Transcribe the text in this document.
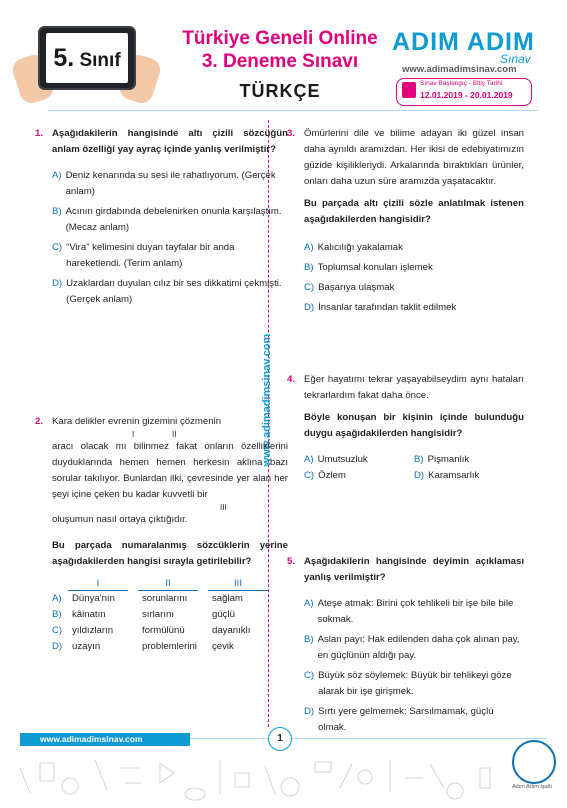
5. Sınıf
Türkiye Geneli Online
3. Deneme Sınavı
TÜRKÇE
ADIM ADIM
Sınav
www.adimadimsinav.com
Sınav Başlangıç - Bitiş Tarihi
12.01.2019 - 20.01.2019
www.adimadimsinav.com
1. Aşağıdakilerin hangisinde altı çizili sözcüğün anlam özelliği yay ayraç içinde yanlış verilmiştir?

A) Deniz kenarında su sesi ile rahatlıyorum. (Gerçek anlam)
B) Acının girdabında debelenirken onunla karşılaştım. (Mecaz anlam)
C) “Vira” kelimesini duyan tayfalar bir anda hareketlendi. (Terim anlam)
D) Uzaklardan duyulan cılız bir ses dikkatimi çekmişti. (Gerçek anlam)
2. Kara delikler evrenin gizemini çözmenin

I	II

aracı olacak mı bilinmez fakat onların özelliklerini duyduklarında hemen hemen herkesin aklına bazı sorular takılıyor. Bunlardan ilki, çevresinde yer alan her şeyi içine çeken bu kadar kuvvetli bir

III

oluşumun nasıl ortaya çıktığıdır.

Bu parçada numaralanmış sözcüklerin yerine aşağıdakilerden hangisi sırayla getirilebilir?

I	II	III
A)	Dünya'nın	sorunlarını	sağlam
B)	kâinatın	sırlarını	güçlü
C)	yıldızların	formülünü	dayanıklı
D)	uzayın	problemlerini	çevik
3. Ömürlerini dile ve bilime adayan iki güzel insan daha aynıldı aramızdan. Her ikisi de edebiyatımızın güzide kişilikleriydi. Arkalarında bıraktıkları ürünler, onları daha uzun süre aramızda yaşatacaktır.

Bu parçada altı çizili sözle anlatılmak istenen aşağıdakilerden hangisidir?

A) Kalıcılığı yakalamak
B) Toplumsal konuları işlemek
C) Başarıya ulaşmak
D) İnsanlar tarafından taklit edilmek
4. Eğer hayatımı tekrar yaşayabilseydim aynı hataları tekrarlardım fakat daha önce.

Böyle konuşan bir kişinin içinde bulunduğu duygu aşağıdakilerden hangisidir?

A) Umutsuzluk	B) Pişmanlık
C) Özlem	D) Karamsarlık
5. Aşağıdakilerin hangisinde deyimin açıklaması yanlış verilmiştir?

A) Ateşe atmak: Birini çok tehlikeli bir işe bile bile sokmak.
B) Aslan payı: Hak edilenden daha çok alınan pay, en güçlünün aldığı pay.
C) Büyük söz söylemek: Büyük bir tehlikeyi gözе alarak bir işe girişmek.
D) Sırtı yere gelmemek: Sarsılmamak, güçlü olmak.
www.adimadimsinav.com	1
Adım Adım İşaltı
